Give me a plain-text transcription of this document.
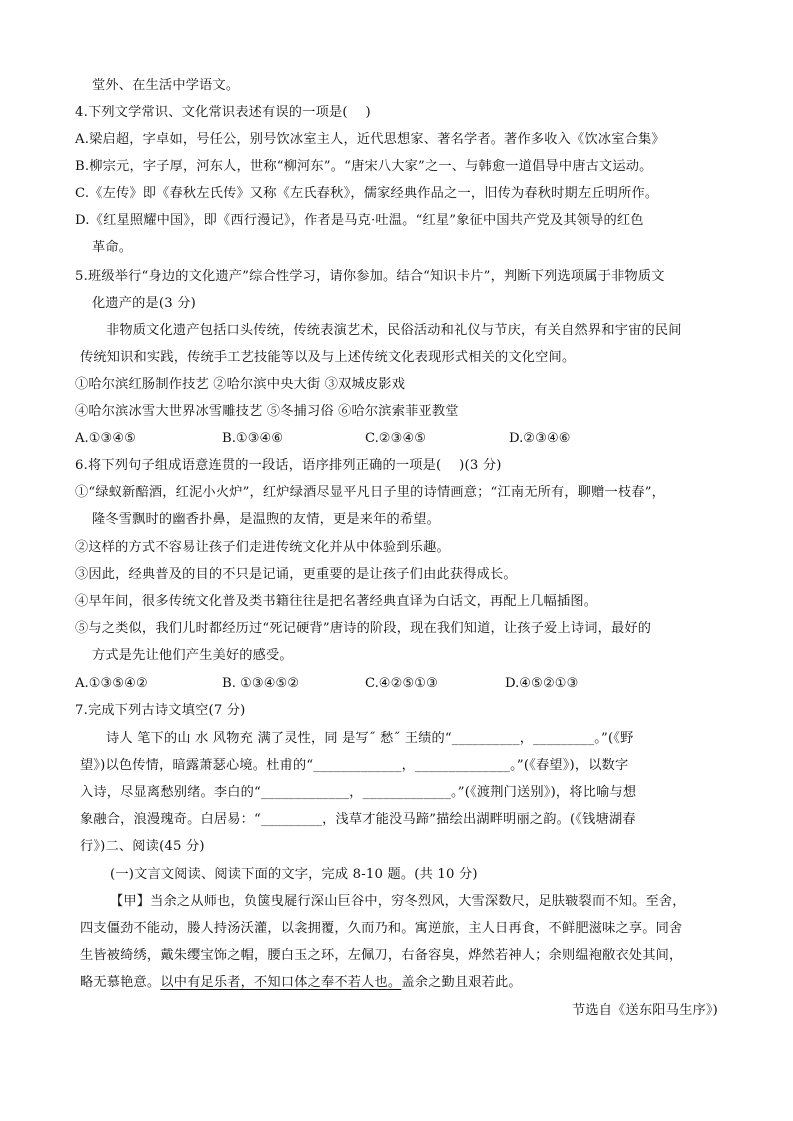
堂外、在生活中学语文。
4.下列文学常识、文化常识表述有误的一项是(　 )
A.梁启超，字卓如，号任公，别号饮冰室主人，近代思想家、著名学者。著作多收入《饮冰室合集》
B.柳宗元，字子厚，河东人，世称“柳河东”。“唐宋八大家”之一、与韩愈一道倡导中唐古文运动。
C.《左传》即《春秋左氏传》又称《左氏春秋》，儒家经典作品之一，旧传为春秋时期左丘明所作。
D.《红星照耀中国》，即《西行漫记》，作者是马克·吐温。“红星”象征中国共产党及其领导的红色
革命。
5.班级举行“身边的文化遗产”综合性学习，请你参加。结合“知识卡片”，判断下列选项属于非物质文
化遗产的是(3 分)
非物质文化遗产包括口头传统，传统表演艺术，民俗活动和礼仪与节庆，有关自然界和宇宙的民间
传统知识和实践，传统手工艺技能等以及与上述传统文化表现形式相关的文化空间。
①哈尔滨红肠制作技艺 ②哈尔滨中央大街 ③双城皮影戏
④哈尔滨冰雪大世界冰雪雕技艺 ⑤冬捕习俗 ⑥哈尔滨索菲亚教堂
A.①③④⑤	B.①③④⑥	C.②③④⑤	D.②③④⑥
6.将下列句子组成语意连贯的一段话，语序排列正确的一项是(　 )(3 分)
①“绿蚁新醅酒，红泥小火炉”，红炉绿酒尽显平凡日子里的诗情画意；“江南无所有，聊赠一枝春”，
隆冬雪飘时的幽香扑鼻，是温煦的友情，更是来年的希望。
②这样的方式不容易让孩子们走进传统文化并从中体验到乐趣。
③因此，经典普及的目的不只是记诵，更重要的是让孩子们由此获得成长。
④早年间，很多传统文化普及类书籍往往是把名著经典直译为白话文，再配上几幅插图。
⑤与之类似，我们儿时都经历过“死记硬背”唐诗的阶段，现在我们知道，让孩子爱上诗词，最好的
方式是先让他们产生美好的感受。
A.①③⑤④②	B. ①③④⑤②	C.④②⑤①③	D.④⑤②①③
7.完成下列古诗文填空(7 分)
诗人 笔下的山 水 风物充 满了灵性，同 是写˝ 愁˝ 王绩的“__________，_________。”(《野
望》)以色传情，暗露萧瑟心境。杜甫的“_____________，______________。”(《春望》)，以数字
入诗，尽显离愁别绪。李白的“_____________，_____________。”(《渡荆门送别》)，将比喻与想
象融合，浪漫瑰奇。白居易：“_________，浅草才能没马蹄”描绘出湖畔明丽之韵。(《钱塘湖春
行》)二、阅读(45 分)
(一)文言文阅读、阅读下面的文字，完成 8-10 题。(共 10 分)
【甲】当余之从师也，负箧曳屣行深山巨谷中，穷冬烈风，大雪深数尺，足肤皲裂而不知。至舍，
四支僵劲不能动，媵人持汤沃灌，以衾拥覆，久而乃和。寓逆旅，主人日再食，不鲜肥滋味之享。同舍
生皆被绮绣，戴朱缨宝饰之帽，腰白玉之环，左佩刀，右备容臭，烨然若神人；余则缊袍敝衣处其间，
略无慕艳意。以中有足乐者，不知口体之奉不若人也。盖余之勤且艰若此。
节选自《送东阳马生序》)
